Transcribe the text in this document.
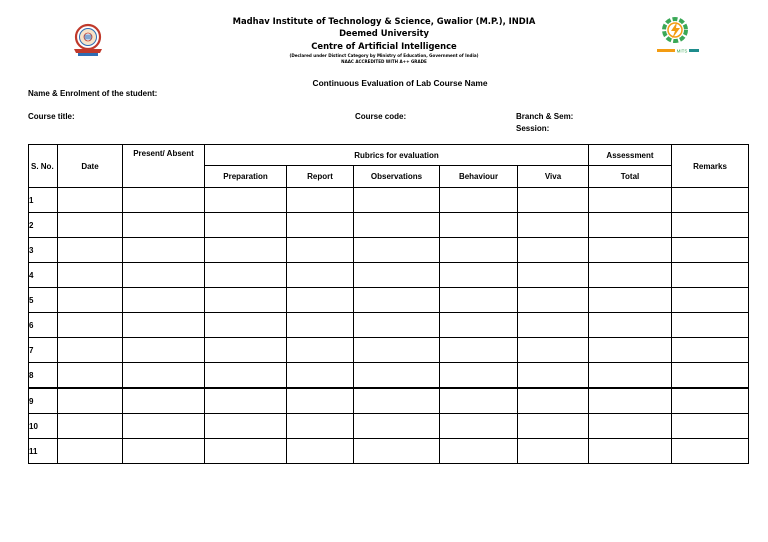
Madhav Institute of Technology & Science, Gwalior (M.P.), INDIA
Deemed University
Centre of Artificial Intelligence
(Declared under Distinct Category by Ministry of Education, Government of India)
NAAC ACCREDITED WITH A++ GRADE
MITS
Continuous Evaluation of Lab Course Name
Name & Enrolment of the student:
Course title:	Course code:	Branch & Sem:
Session:
S. No.	Date	Present/ Absent	Rubrics for evaluation					Assessment	Remarks
			Preparation	Report	Observations	Behaviour	Viva	Total	
1									
2									
3									
4									
5									
6									
7									
8									
9									
10									
11									
